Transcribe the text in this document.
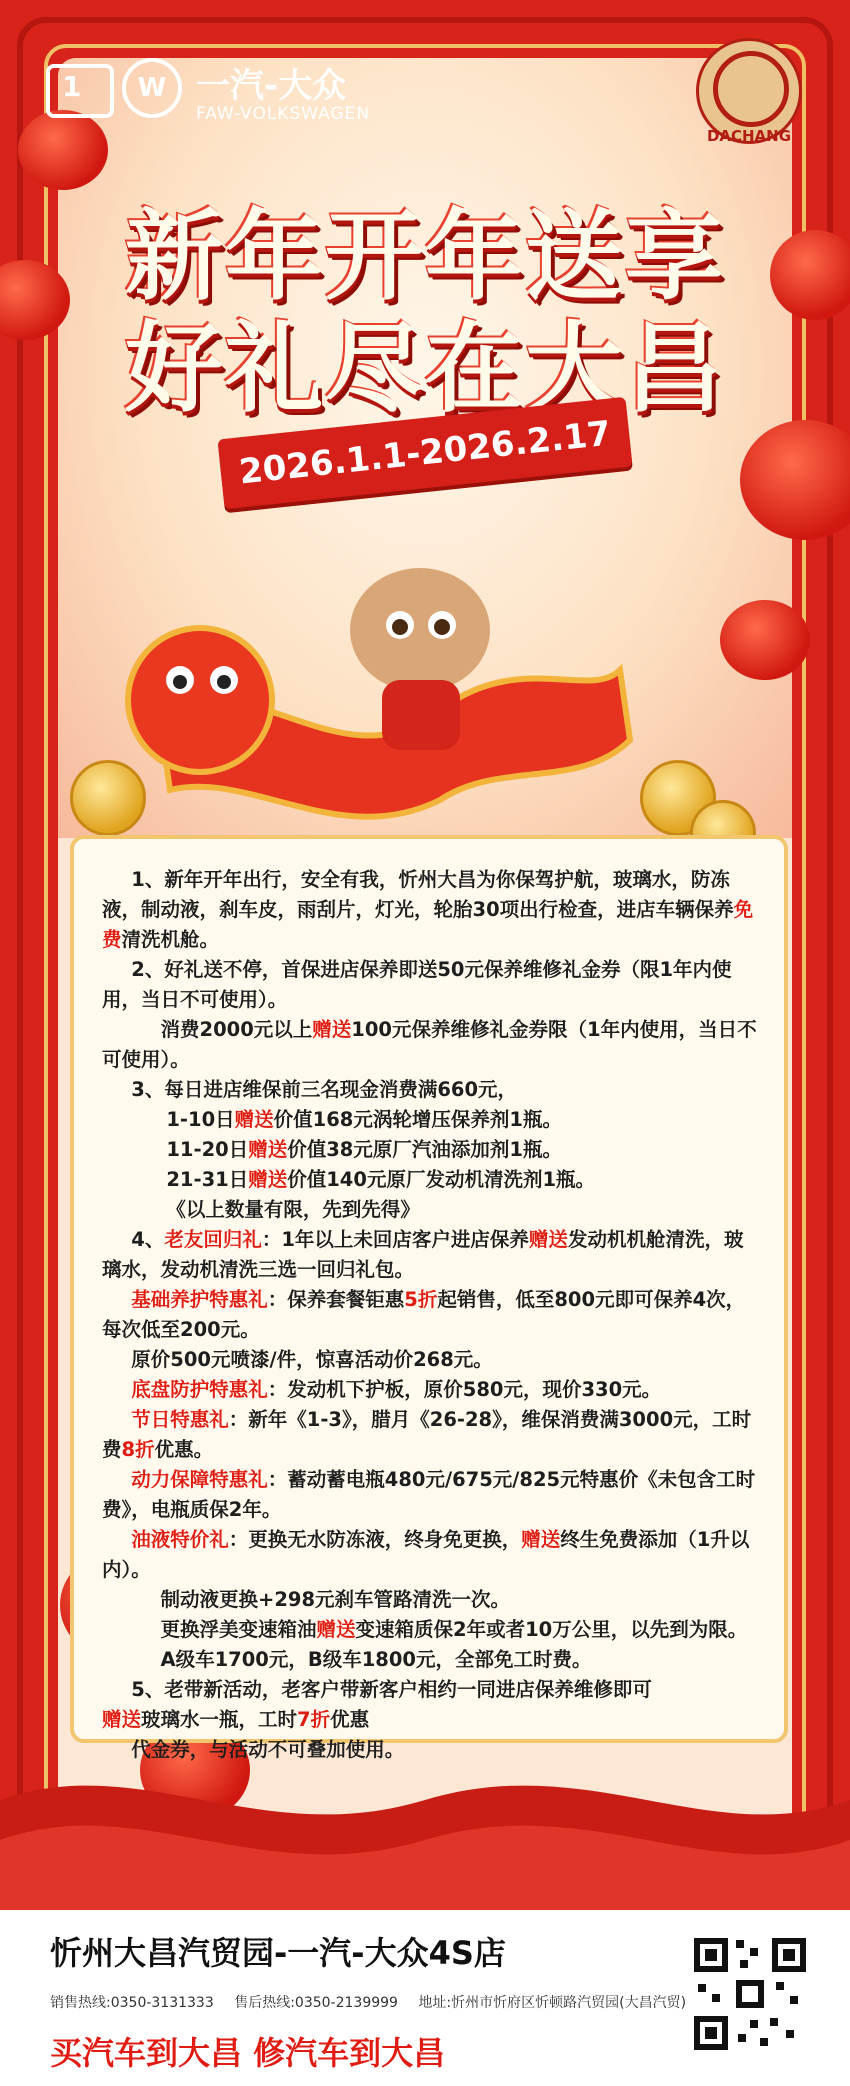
1	W 一汽-大众
FAW-VOLKSWAGEN
DACHANG
新年开年送享
好礼尽在大昌
2026.1.1-2026.2.17

1、新年开年出行，安全有我，忻州大昌为你保驾护航，玻璃水，防冻液，制动液，刹车皮，雨刮片，灯光，轮胎30项出行检查，进店车辆保养免费清洗机舱。

2、好礼送不停，首保进店保养即送50元保养维修礼金券（限1年内使用，当日不可使用）。

消费2000元以上赠送100元保养维修礼金券限（1年内使用，当日不可使用）。

3、每日进店维保前三名现金消费满660元，

1-10日赠送价值168元涡轮增压保养剂1瓶。

11-20日赠送价值38元原厂汽油添加剂1瓶。

21-31日赠送价值140元原厂发动机清洗剂1瓶。

《以上数量有限，先到先得》

4、老友回归礼：1年以上未回店客户进店保养赠送发动机机舱清洗，玻璃水，发动机清洗三选一回归礼包。

基础养护特惠礼：保养套餐钜惠5折起销售，低至800元即可保养4次，每次低至200元。

原价500元喷漆/件，惊喜活动价268元。

底盘防护特惠礼：发动机下护板，原价580元，现价330元。

节日特惠礼：新年《1-3》，腊月《26-28》，维保消费满3000元，工时费8折优惠。

动力保障特惠礼：蓄动蓄电瓶480元/675元/825元特惠价《未包含工时费》，电瓶质保2年。

油液特价礼：更换无水防冻液，终身免更换，赠送终生免费添加（1升以内）。

制动液更换+298元刹车管路清洗一次。

更换浮美变速箱油赠送变速箱质保2年或者10万公里，以先到为限。

A级车1700元，B级车1800元，全部免工时费。

5、老带新活动，老客户带新客户相约一同进店保养维修即可

赠送玻璃水一瓶，工时7折优惠

代金券，与活动不可叠加使用。

忻州大昌汽贸园-一汽-大众4S店
销售热线:0350-3131333 售后热线:0350-2139999 地址:忻州市忻府区忻顿路汽贸园(大昌汽贸)
买汽车到大昌 修汽车到大昌
